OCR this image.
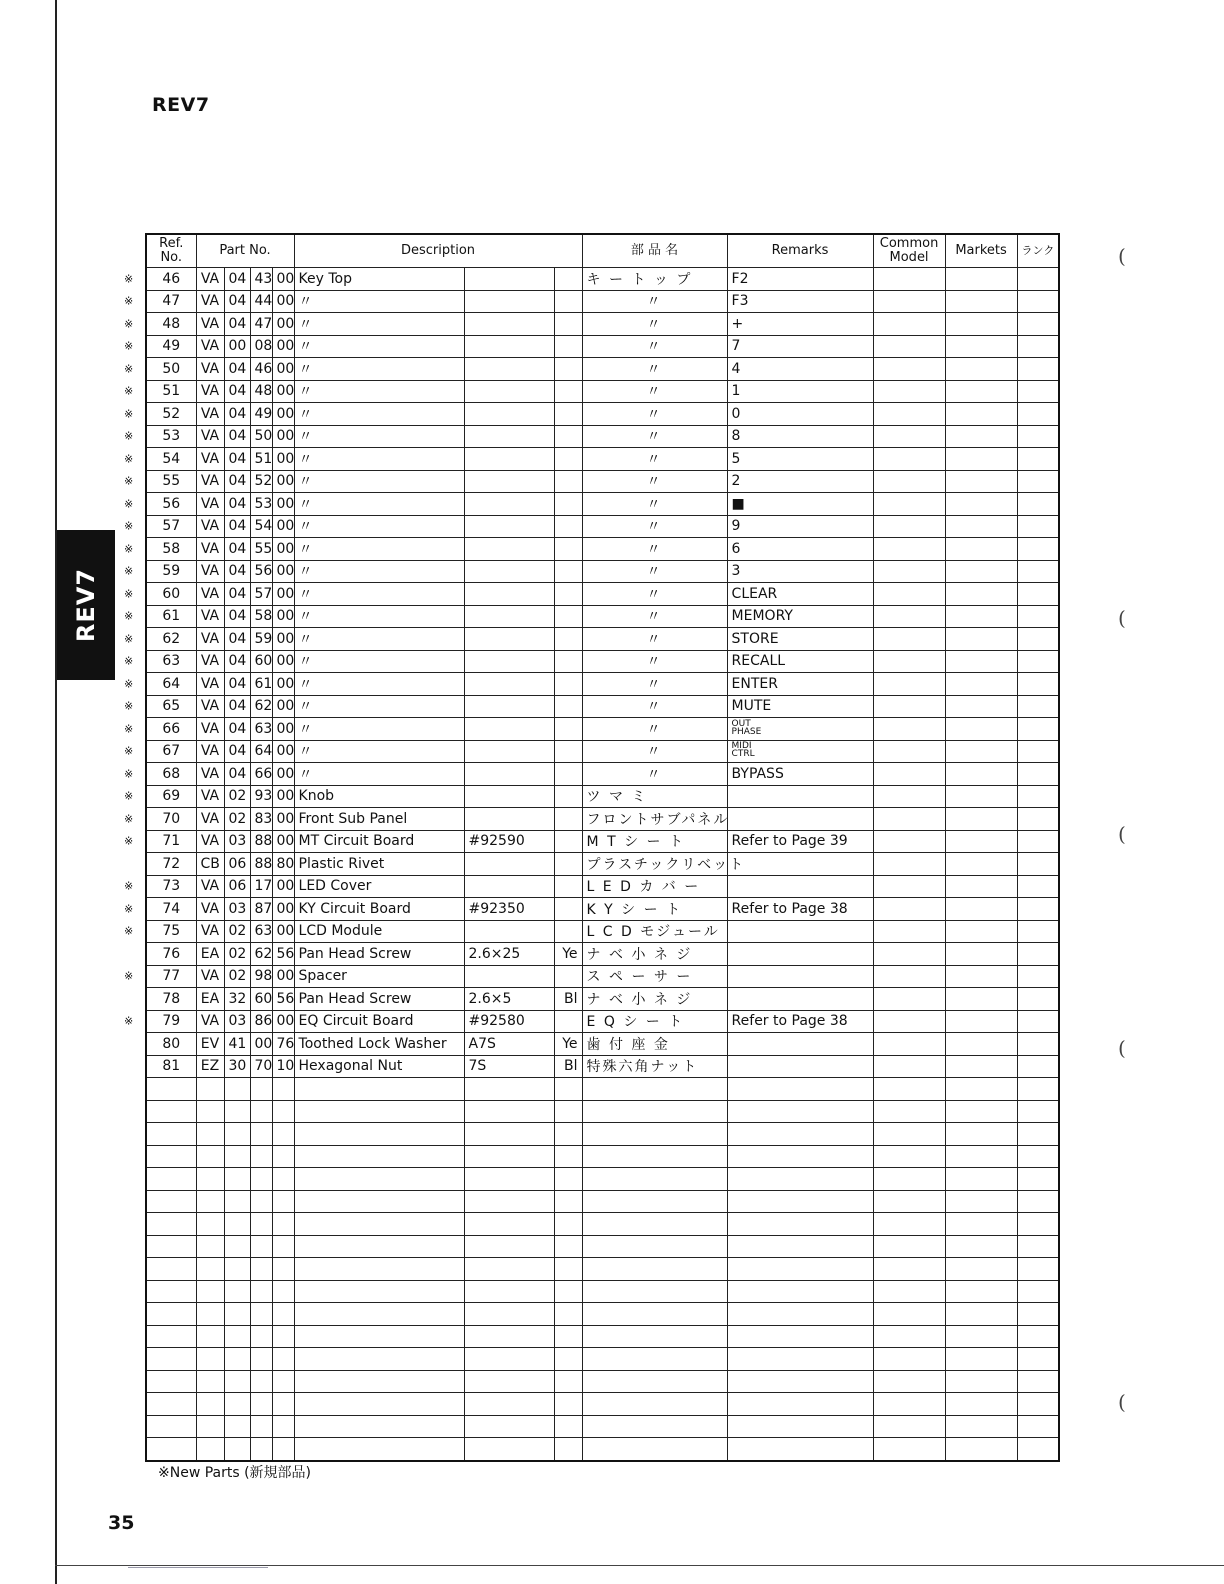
REV7
REV7
(
(
(
(
(
Ref. No.	Part No.				Description			部 品 名	Remarks	Common Model	Markets	ランク

※ 46	VA	04	43	00	Key Top			キ ー ト ッ プ	F2			

※ 47	VA	04	44	00	〃			〃	F3			

※ 48	VA	04	47	00	〃			〃	+			

※ 49	VA	00	08	00	〃			〃	7			

※ 50	VA	04	46	00	〃			〃	4			

※ 51	VA	04	48	00	〃			〃	1			

※ 52	VA	04	49	00	〃			〃	0			

※ 53	VA	04	50	00	〃			〃	8			

※ 54	VA	04	51	00	〃			〃	5			

※ 55	VA	04	52	00	〃			〃	2			

※ 56	VA	04	53	00	〃			〃	■			

※ 57	VA	04	54	00	〃			〃	9			

※ 58	VA	04	55	00	〃			〃	6			

※ 59	VA	04	56	00	〃			〃	3			

※ 60	VA	04	57	00	〃			〃	CLEAR			

※ 61	VA	04	58	00	〃			〃	MEMORY			

※ 62	VA	04	59	00	〃			〃	STORE			

※ 63	VA	04	60	00	〃			〃	RECALL			

※ 64	VA	04	61	00	〃			〃	ENTER			

※ 65	VA	04	62	00	〃			〃	MUTE			

※ 66	VA	04	63	00	〃			〃	OUT PHASE			

※ 67	VA	04	64	00	〃			〃	MIDI CTRL			

※ 68	VA	04	66	00	〃			〃	BYPASS			

※ 69	VA	02	93	00	Knob			ツ マ ミ				

※ 70	VA	02	83	00	Front Sub Panel			フロントサブパネル				

※ 71	VA	03	88	00	MT Circuit Board	#92590		M T シ ー ト	Refer to Page 39			
72	CB	06	88	80	Plastic Rivet			プラスチックリベット				

※ 73	VA	06	17	00	LED Cover			L E D カ バ ー				

※ 74	VA	03	87	00	KY Circuit Board	#92350		K Y シ ー ト	Refer to Page 38			

※ 75	VA	02	63	00	LCD Module			L C D モジュール				
76	EA	02	62	56	Pan Head Screw	2.6×25	Ye	ナ ベ 小 ネ ジ				

※ 77	VA	02	98	00	Spacer			ス ペ ー サ ー				
78	EA	32	60	56	Pan Head Screw	2.6×5	Bl	ナ ベ 小 ネ ジ				

※ 79	VA	03	86	00	EQ Circuit Board	#92580		E Q シ ー ト	Refer to Page 38			
80	EV	41	00	76	Toothed Lock Washer	A7S	Ye	歯 付 座 金				
81	EZ	30	70	10	Hexagonal Nut	7S	Bl	特殊六角ナット				

※New Parts (新規部品)
35
